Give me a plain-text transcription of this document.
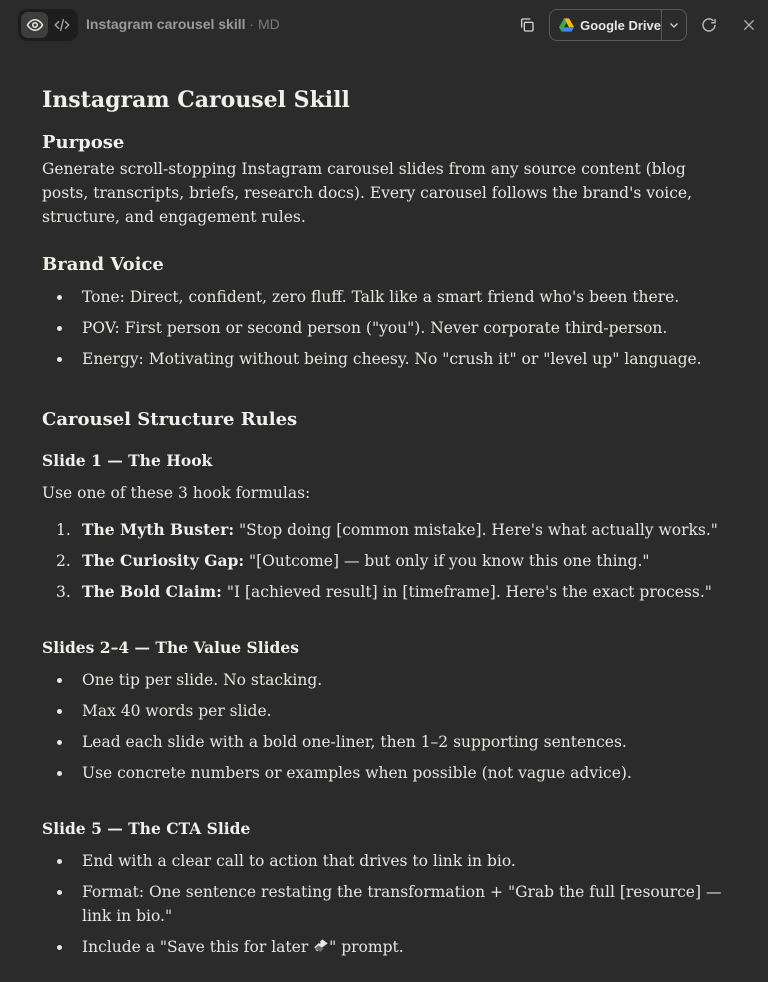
Instagram carousel skill · MD	Google Drive
Instagram Carousel Skill
Purpose

Generate scroll-stopping Instagram carousel slides from any source content (blog posts, transcripts, briefs, research docs). Every carousel follows the brand's voice, structure, and engagement rules.

Brand Voice
Tone: Direct, confident, zero fluff. Talk like a smart friend who's been there.
POV: First person or second person ("you"). Never corporate third-person.
Energy: Motivating without being cheesy. No "crush it" or "level up" language.
Carousel Structure Rules
Slide 1 — The Hook

Use one of these 3 hook formulas:

1. The Myth Buster: "Stop doing [common mistake]. Here's what actually works."
2. The Curiosity Gap: "[Outcome] — but only if you know this one thing."
3. The Bold Claim: "I [achieved result] in [timeframe]. Here's the exact process."
Slides 2–4 — The Value Slides
One tip per slide. No stacking.
Max 40 words per slide.
Lead each slide with a bold one-liner, then 1–2 supporting sentences.
Use concrete numbers or examples when possible (not vague advice).
Slide 5 — The CTA Slide
End with a clear call to action that drives to link in bio.
Format: One sentence restating the transformation + "Grab the full [resource] — link in bio."
Include a "Save this for later " prompt.
